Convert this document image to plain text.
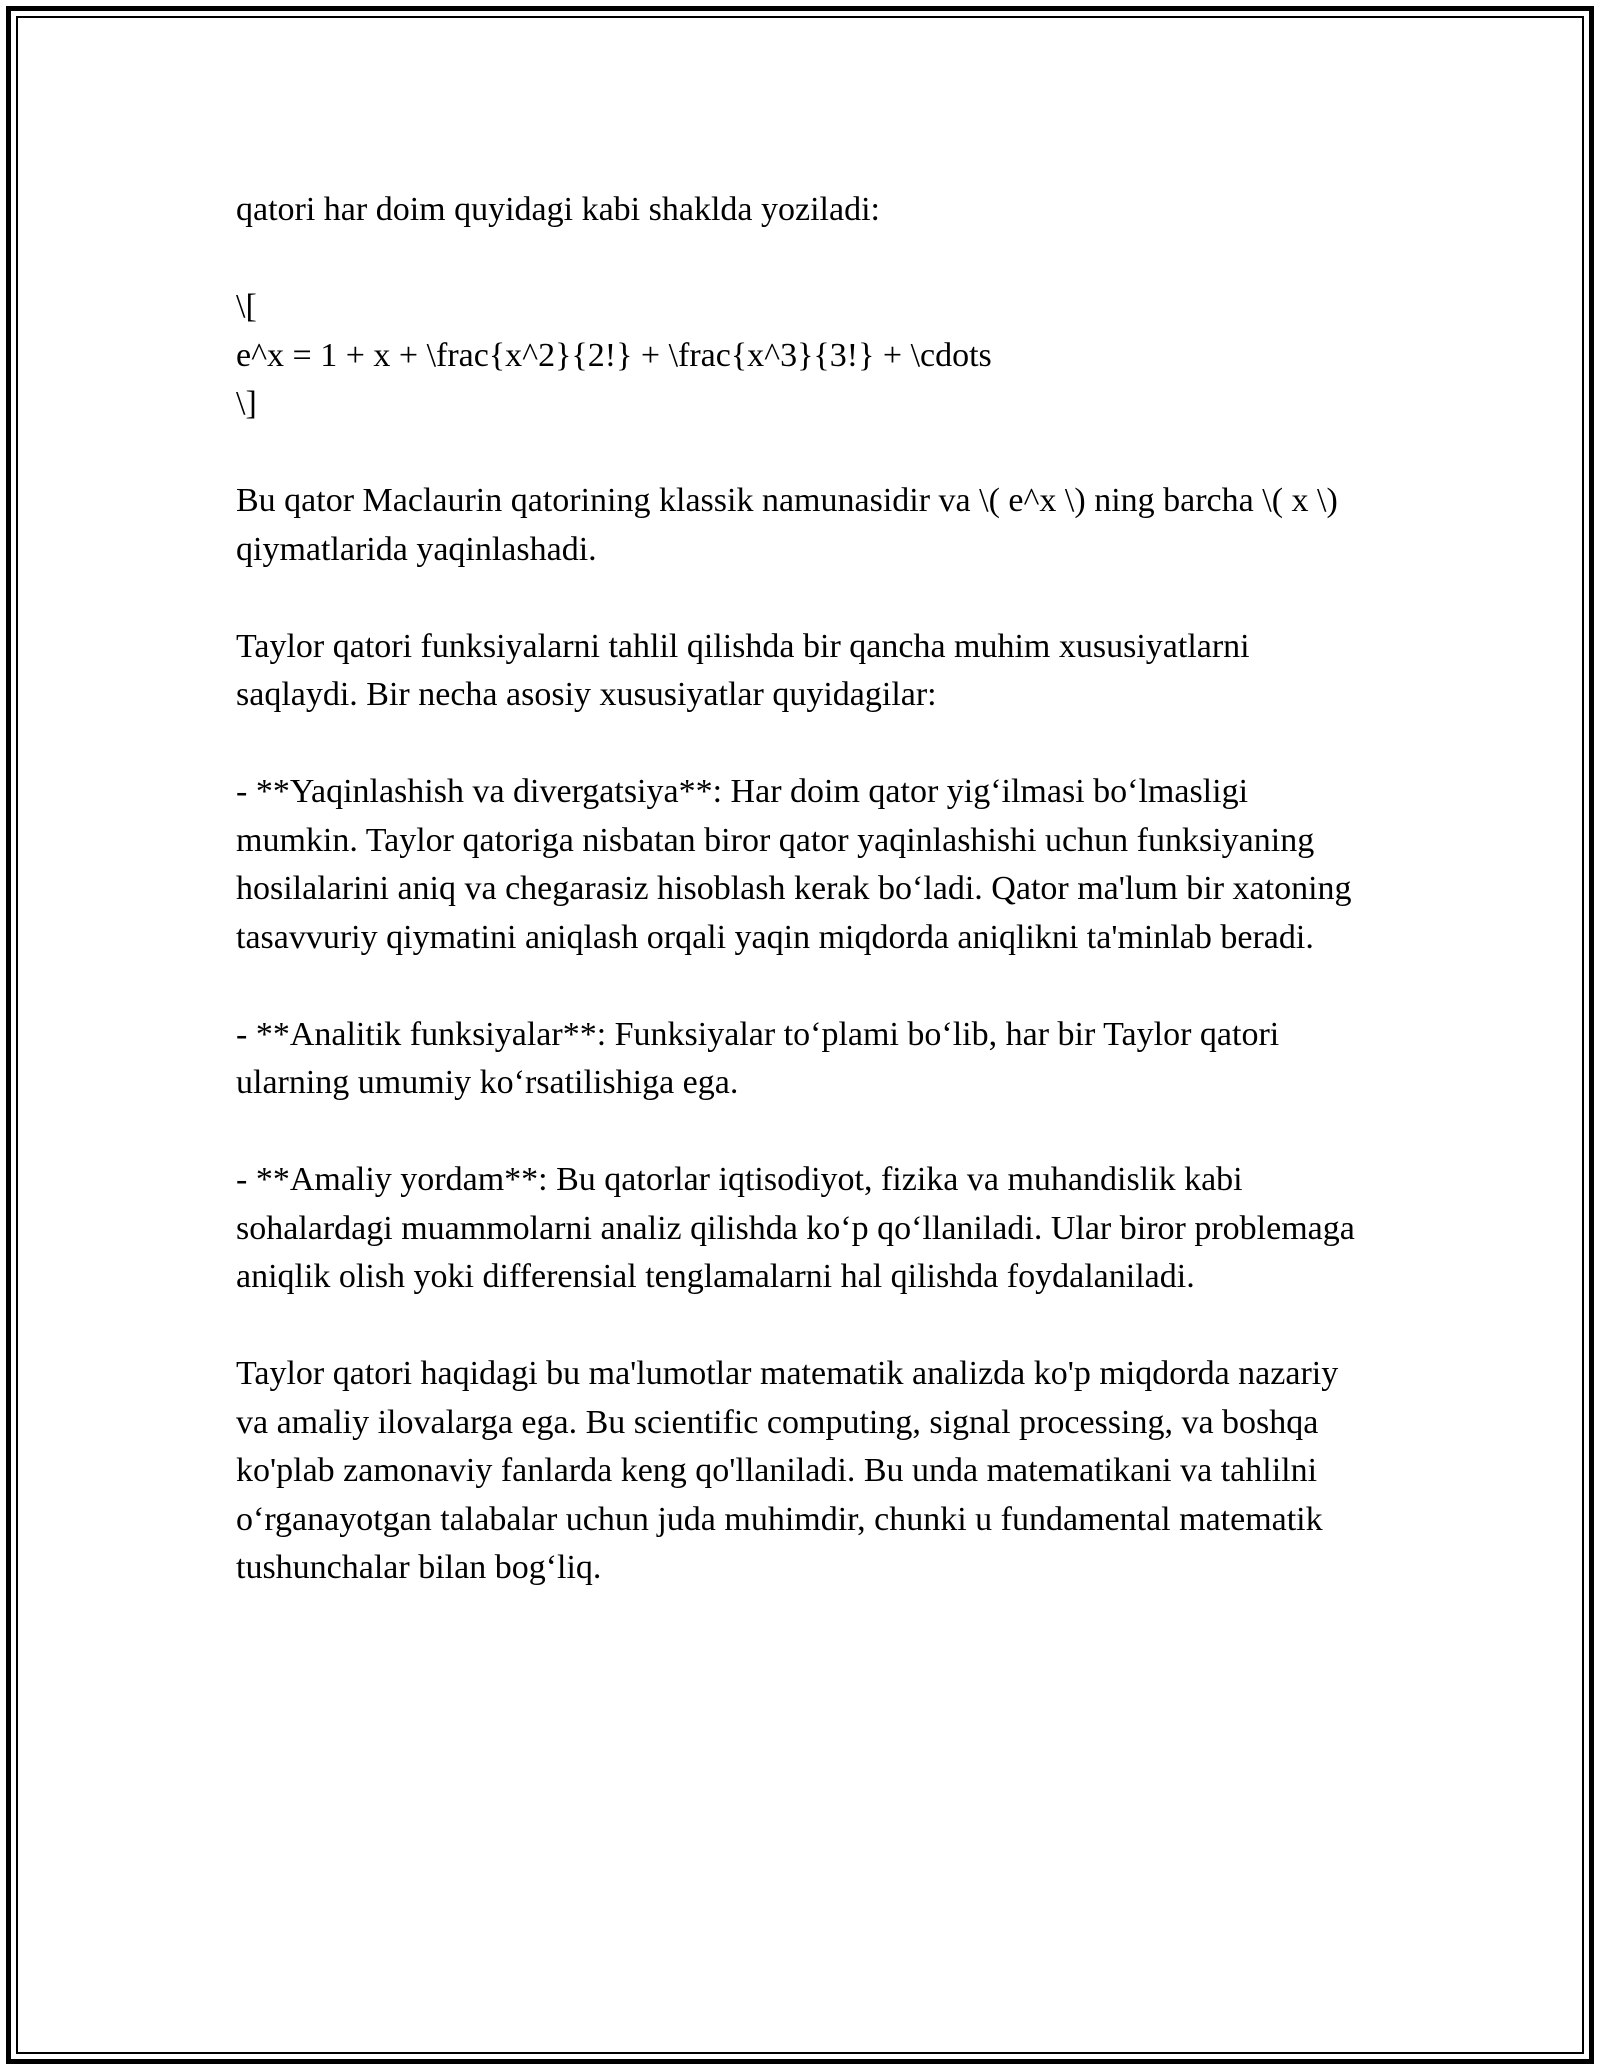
qatori har doim quyidagi kabi shaklda yoziladi:

\[
e^x = 1 + x + \frac{x^2}{2!} + \frac{x^3}{3!} + \cdots
\]

Bu qator Maclaurin qatorining klassik namunasidir va \( e^x \) ning barcha \( x \) qiymatlarida yaqinlashadi.

Taylor qatori funksiyalarni tahlil qilishda bir qancha muhim xususiyatlarni saqlaydi. Bir necha asosiy xususiyatlar quyidagilar:

- **Yaqinlashish va divergatsiya**: Har doim qator yig‘ilmasi bo‘lmasligi mumkin. Taylor qatoriga nisbatan biror qator yaqinlashishi uchun funksiyaning hosilalarini aniq va chegarasiz hisoblash kerak bo‘ladi. Qator ma'lum bir xatoning tasavvuriy qiymatini aniqlash orqali yaqin miqdorda aniqlikni ta'minlab beradi.

- **Analitik funksiyalar**: Funksiyalar to‘plami bo‘lib, har bir Taylor qatori ularning umumiy ko‘rsatilishiga ega.

- **Amaliy yordam**: Bu qatorlar iqtisodiyot, fizika va muhandislik kabi sohalardagi muammolarni analiz qilishda ko‘p qo‘llaniladi. Ular biror problemaga aniqlik olish yoki differensial tenglamalarni hal qilishda foydalaniladi.

Taylor qatori haqidagi bu ma'lumotlar matematik analizda ko'p miqdorda nazariy va amaliy ilovalarga ega. Bu scientific computing, signal processing, va boshqa ko'plab zamonaviy fanlarda keng qo'llaniladi. Bu unda matematikani va tahlilni o‘rganayotgan talabalar uchun juda muhimdir, chunki u fundamental matematik tushunchalar bilan bog‘liq.
